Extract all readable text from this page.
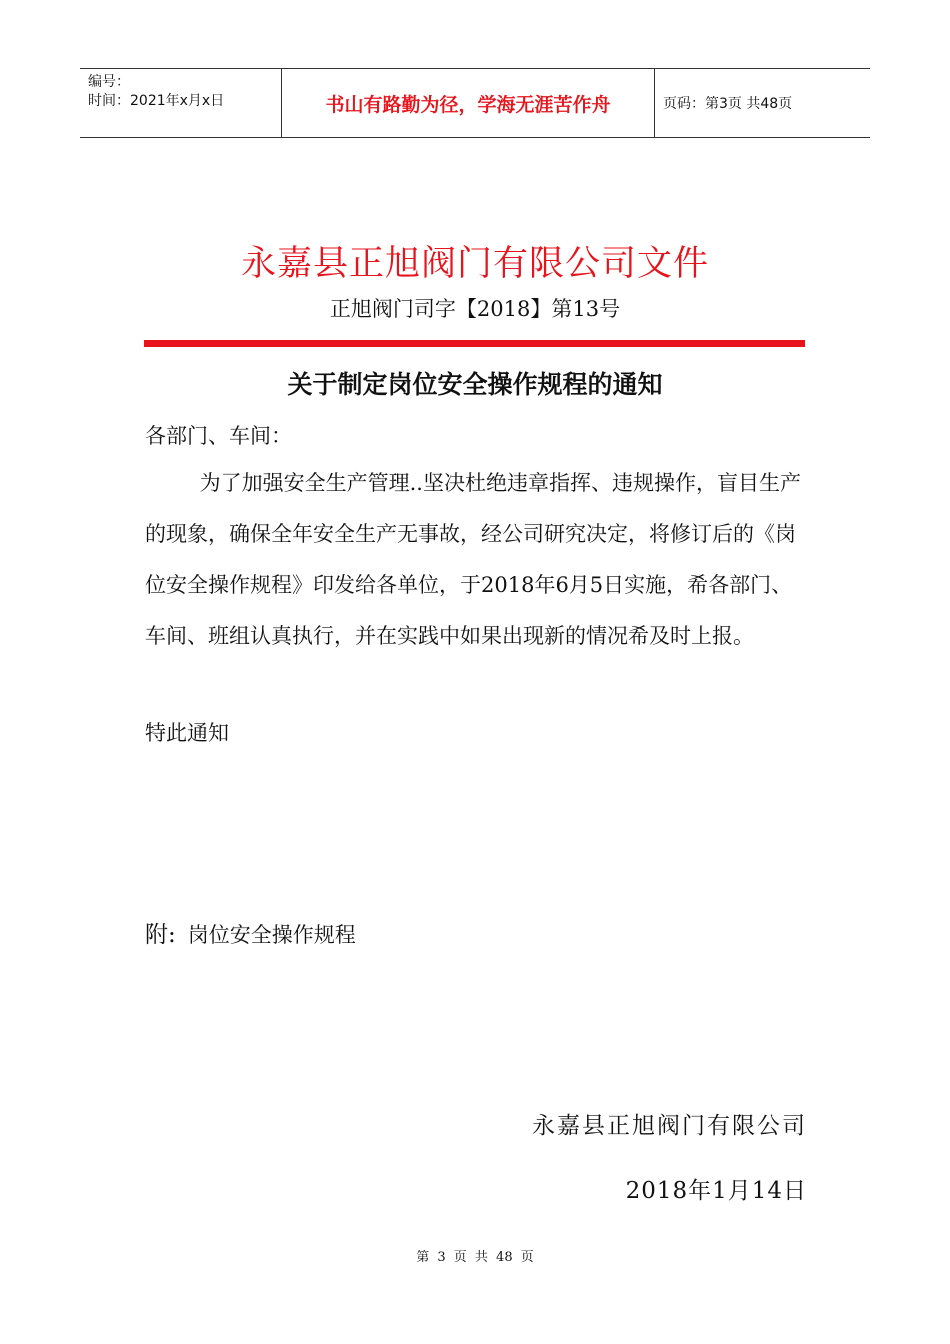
编号：
时间：2021年x月x日	书山有路勤为径，学海无涯苦作舟	页码：第3页 共48页
永嘉县正旭阀门有限公司文件
正旭阀门司字【2018】第13号
关于制定岗位安全操作规程的通知
各部门、车间：

为了加强安全生产管理..坚决杜绝违章指挥、违规操作，盲目生产的现象，确保全年安全生产无事故，经公司研究决定，将修订后的《岗位安全操作规程》印发给各单位，于2018年6月5日实施，希各部门、车间、班组认真执行，并在实践中如果出现新的情况希及时上报。

特此通知
附: 岗位安全操作规程
永嘉县正旭阀门有限公司
2018年1月14日
第 3 页 共 48 页
